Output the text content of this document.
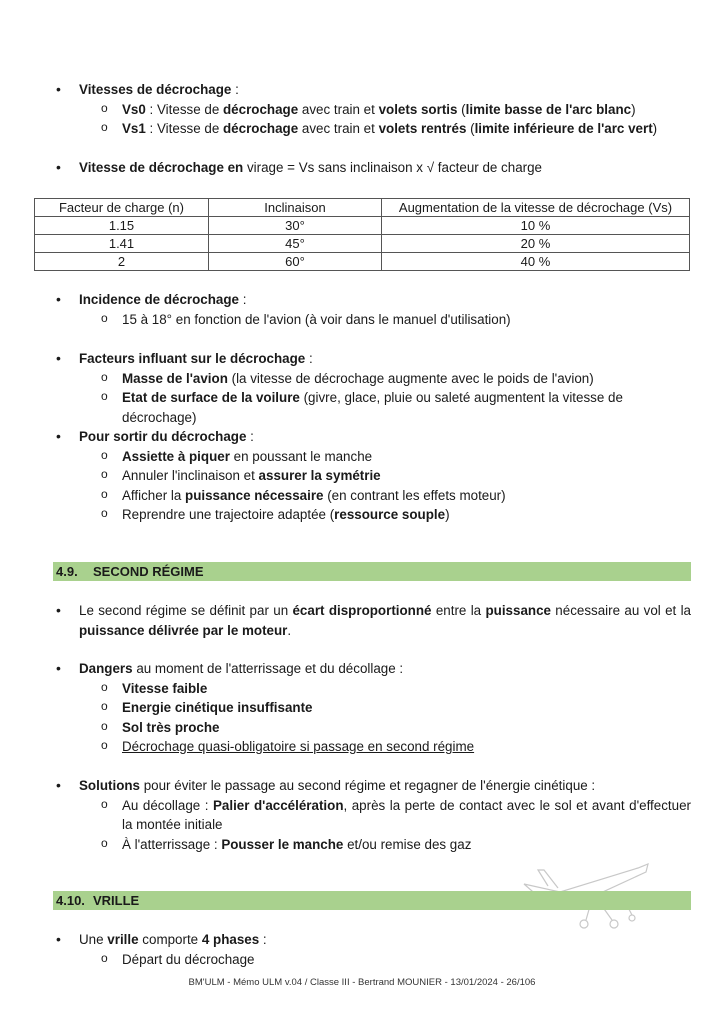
• Vitesses de décrochage :
o Vs0 : Vitesse de décrochage avec train et volets sortis (limite basse de l'arc blanc)
o Vs1 : Vitesse de décrochage avec train et volets rentrés (limite inférieure de l'arc vert)
• Vitesse de décrochage en virage = Vs sans inclinaison x √ facteur de charge
Facteur de charge (n)	Inclinaison	Augmentation de la vitesse de décrochage (Vs)
1.15	30°	10 %
1.41	45°	20 %
2	60°	40 %
• Incidence de décrochage :
o 15 à 18° en fonction de l'avion (à voir dans le manuel d'utilisation)
• Facteurs influant sur le décrochage :
o Masse de l'avion (la vitesse de décrochage augmente avec le poids de l'avion)
o Etat de surface de la voilure (givre, glace, pluie ou saleté augmentent la vitesse de décrochage)
• Pour sortir du décrochage :
o Assiette à piquer en poussant le manche
o Annuler l'inclinaison et assurer la symétrie
o Afficher la puissance nécessaire (en contrant les effets moteur)
o Reprendre une trajectoire adaptée (ressource souple)
4.9. SECOND RÉGIME
• Le second régime se définit par un écart disproportionné entre la puissance nécessaire au vol et la puissance délivrée par le moteur.
• Dangers au moment de l'atterrissage et du décollage :
o Vitesse faible
o Energie cinétique insuffisante
o Sol très proche
o Décrochage quasi-obligatoire si passage en second régime
• Solutions pour éviter le passage au second régime et regagner de l'énergie cinétique :
o Au décollage : Palier d'accélération, après la perte de contact avec le sol et avant d'effectuer la montée initiale
o À l'atterrissage : Pousser le manche et/ou remise des gaz
4.10. VRILLE
• Une vrille comporte 4 phases :
o Départ du décrochage
BM'ULM - Mémo ULM v.04 / Classe III - Bertrand MOUNIER - 13/01/2024 - 26/106
